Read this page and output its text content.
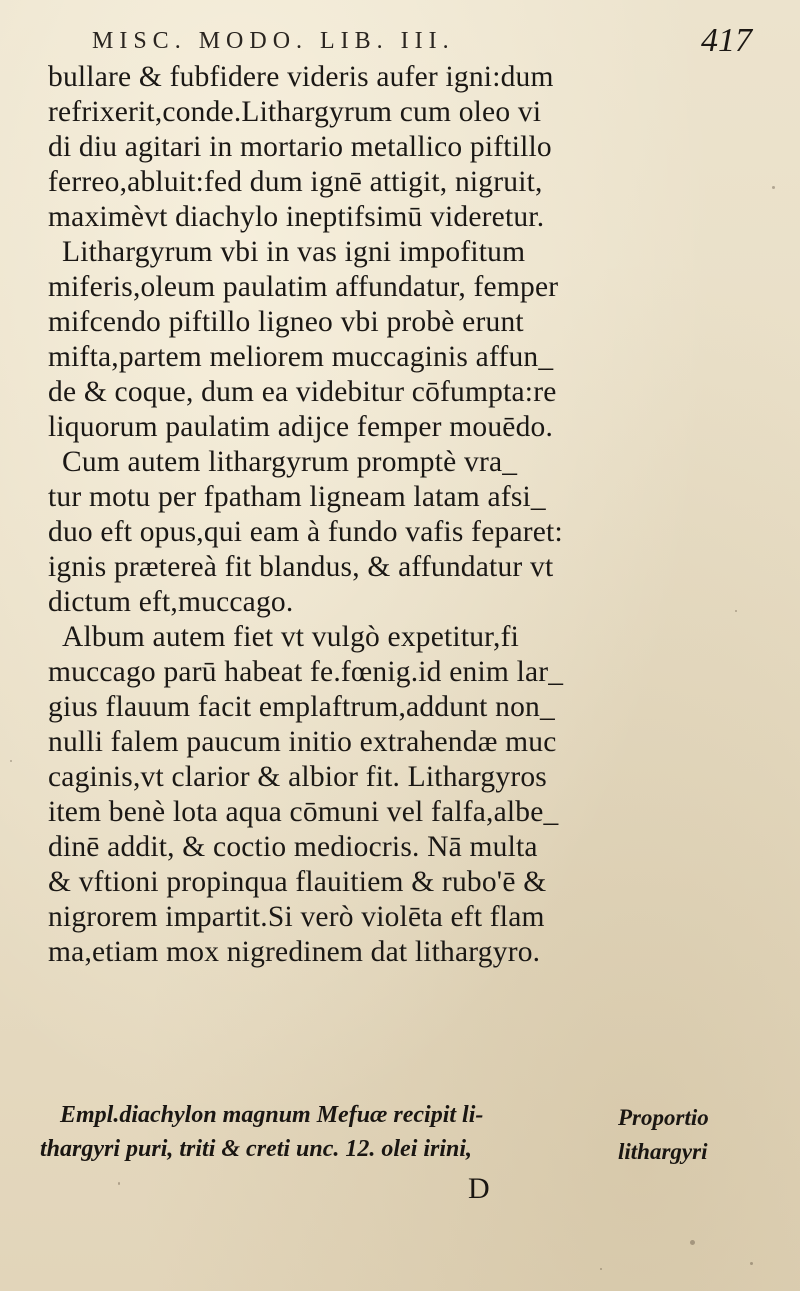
MISC. MODO. LIB. III.	417
bullare & fubfidere videris aufer igni:dum
refrixerit,conde.Lithargyrum cum oleo vi
di diu agitari in mortario metallico piftillo
ferreo,abluit:fed dum ignē attigit, nigruit,
maximèvt diachylo ineptifsimū videretur.
Lithargyrum vbi in vas igni impofitum
miferis,oleum paulatim affundatur, femper
mifcendo piftillo ligneo vbi probè erunt
mifta,partem meliorem muccaginis affun_
de & coque, dum ea videbitur cōfumpta:re
liquorum paulatim adijce femper mouēdo.
Cum autem lithargyrum promptè vra_
tur motu per fpatham ligneam latam afsi_
duo eft opus,qui eam à fundo vafis feparet:
ignis prætereà fit blandus, & affundatur vt
dictum eft,muccago.
Album autem fiet vt vulgò expetitur,fi
muccago parū habeat fe.fœnig.id enim lar_
gius flauum facit emplaftrum,addunt non_
nulli falem paucum initio extrahendæ muc
caginis,vt clarior & albior fit. Lithargyros
item benè lota aqua cōmuni vel falfa,albe_
dinē addit, & coctio mediocris. Nā multa
& vftioni propinqua flauitiem & rubo'ē &
nigrorem impartit.Si verò violēta eft flam
ma,etiam mox nigredinem dat lithargyro.
Empl.diachylon magnum Mefuæ recipit li-
thargyri puri, triti & creti unc. 12. olei irini,
Proportio
lithargyri
D
